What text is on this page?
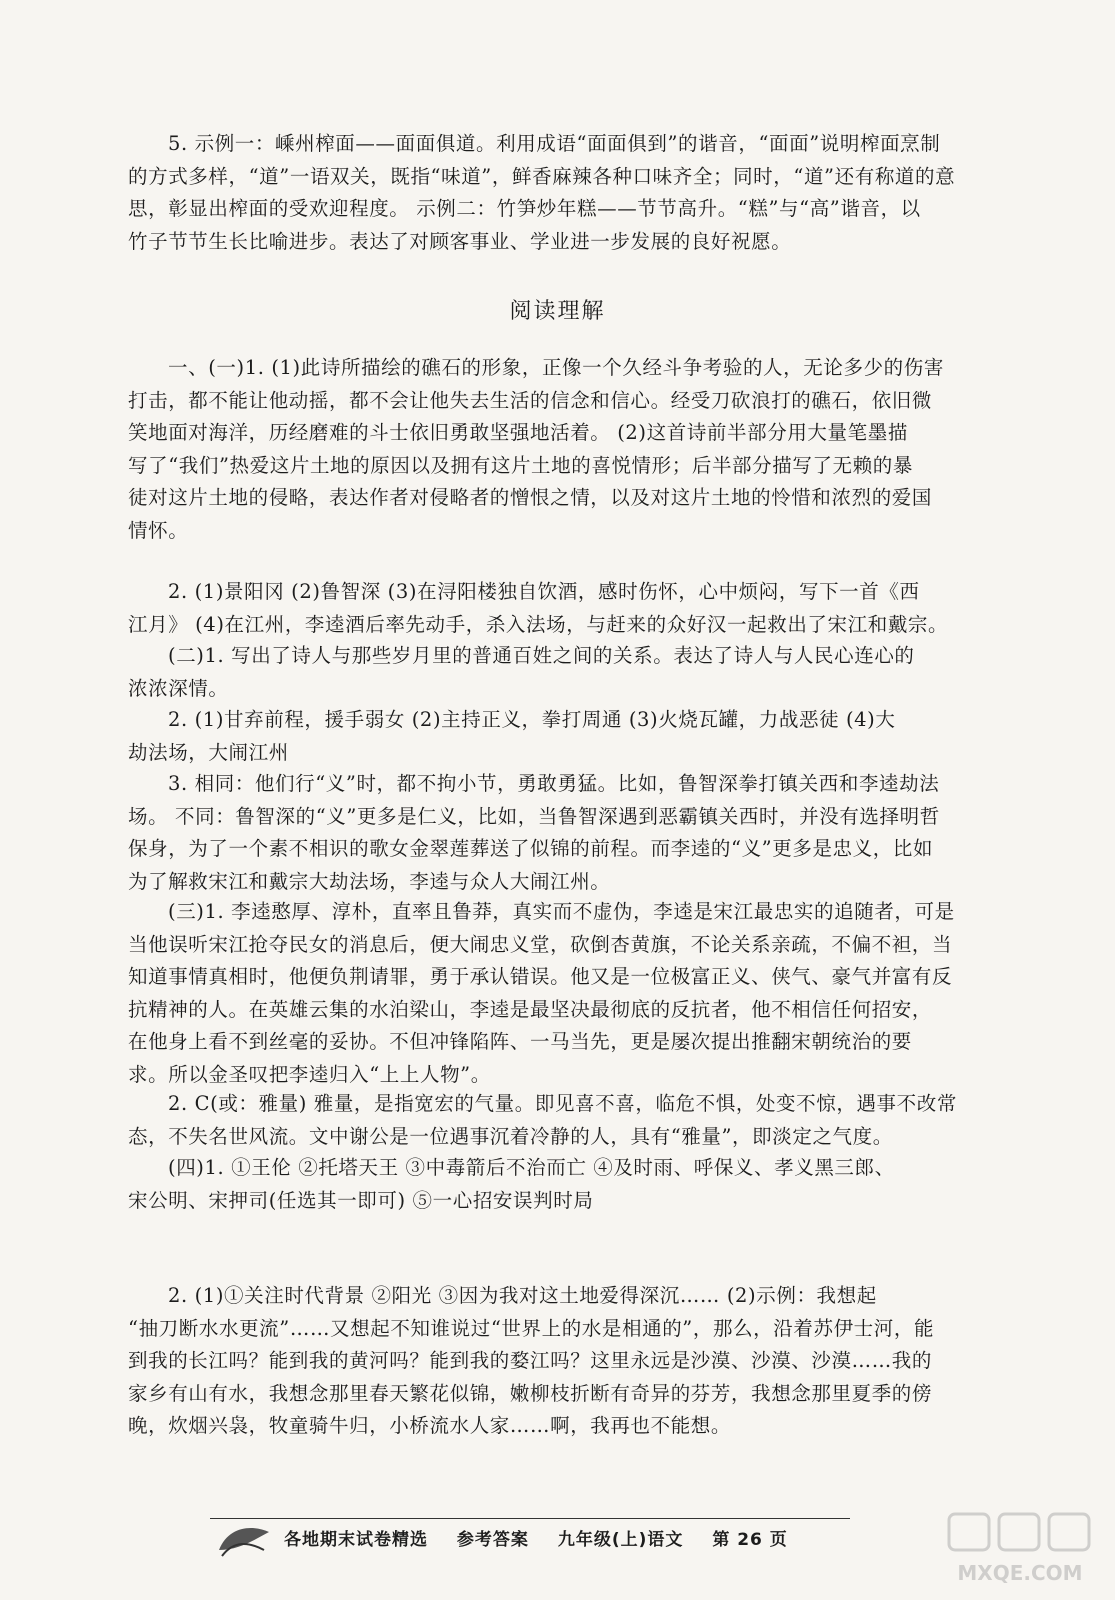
5. 示例一：嵊州榨面——面面俱道。利用成语“面面俱到”的谐音，“面面”说明榨面烹制
的方式多样，“道”一语双关，既指“味道”，鲜香麻辣各种口味齐全；同时，“道”还有称道的意
思，彰显出榨面的受欢迎程度。 示例二：竹笋炒年糕——节节高升。“糕”与“高”谐音，以
竹子节节生长比喻进步。表达了对顾客事业、学业进一步发展的良好祝愿。
阅读理解
一、(一)1. (1)此诗所描绘的礁石的形象，正像一个久经斗争考验的人，无论多少的伤害
打击，都不能让他动摇，都不会让他失去生活的信念和信心。经受刀砍浪打的礁石，依旧微
笑地面对海洋，历经磨难的斗士依旧勇敢坚强地活着。 (2)这首诗前半部分用大量笔墨描
写了“我们”热爱这片土地的原因以及拥有这片土地的喜悦情形；后半部分描写了无赖的暴
徒对这片土地的侵略，表达作者对侵略者的憎恨之情，以及对这片土地的怜惜和浓烈的爱国
情怀。
2. (1)景阳冈 (2)鲁智深 (3)在浔阳楼独自饮酒，感时伤怀，心中烦闷，写下一首《西
江月》 (4)在江州，李逵酒后率先动手，杀入法场，与赶来的众好汉一起救出了宋江和戴宗。
(二)1. 写出了诗人与那些岁月里的普通百姓之间的关系。表达了诗人与人民心连心的
浓浓深情。
2. (1)甘弃前程，援手弱女 (2)主持正义，拳打周通 (3)火烧瓦罐，力战恶徒 (4)大
劫法场，大闹江州
3. 相同：他们行“义”时，都不拘小节，勇敢勇猛。比如，鲁智深拳打镇关西和李逵劫法
场。 不同：鲁智深的“义”更多是仁义，比如，当鲁智深遇到恶霸镇关西时，并没有选择明哲
保身，为了一个素不相识的歌女金翠莲葬送了似锦的前程。而李逵的“义”更多是忠义，比如
为了解救宋江和戴宗大劫法场，李逵与众人大闹江州。
(三)1. 李逵憨厚、淳朴，直率且鲁莽，真实而不虚伪，李逵是宋江最忠实的追随者，可是
当他误听宋江抢夺民女的消息后，便大闹忠义堂，砍倒杏黄旗，不论关系亲疏，不偏不袒，当
知道事情真相时，他便负荆请罪，勇于承认错误。他又是一位极富正义、侠气、豪气并富有反
抗精神的人。在英雄云集的水泊梁山，李逵是最坚决最彻底的反抗者，他不相信任何招安，
在他身上看不到丝毫的妥协。不但冲锋陷阵、一马当先，更是屡次提出推翻宋朝统治的要
求。所以金圣叹把李逵归入“上上人物”。
2. C(或：雅量) 雅量，是指宽宏的气量。即见喜不喜，临危不惧，处变不惊，遇事不改常
态，不失名世风流。文中谢公是一位遇事沉着冷静的人，具有“雅量”，即淡定之气度。
(四)1. ①王伦 ②托塔天王 ③中毒箭后不治而亡 ④及时雨、呼保义、孝义黑三郎、
宋公明、宋押司(任选其一即可) ⑤一心招安误判时局
2. (1)①关注时代背景 ②阳光 ③因为我对这土地爱得深沉…… (2)示例：我想起
“抽刀断水水更流”……又想起不知谁说过“世界上的水是相通的”，那么，沿着苏伊士河，能
到我的长江吗？能到我的黄河吗？能到我的婺江吗？这里永远是沙漠、沙漠、沙漠……我的
家乡有山有水，我想念那里春天繁花似锦，嫩柳枝折断有奇异的芬芳，我想念那里夏季的傍
晚，炊烟兴袅，牧童骑牛归，小桥流水人家……啊，我再也不能想。
各地期末试卷精选 参考答案 九年级(上)语文 第 26 页
MXQE.COM
